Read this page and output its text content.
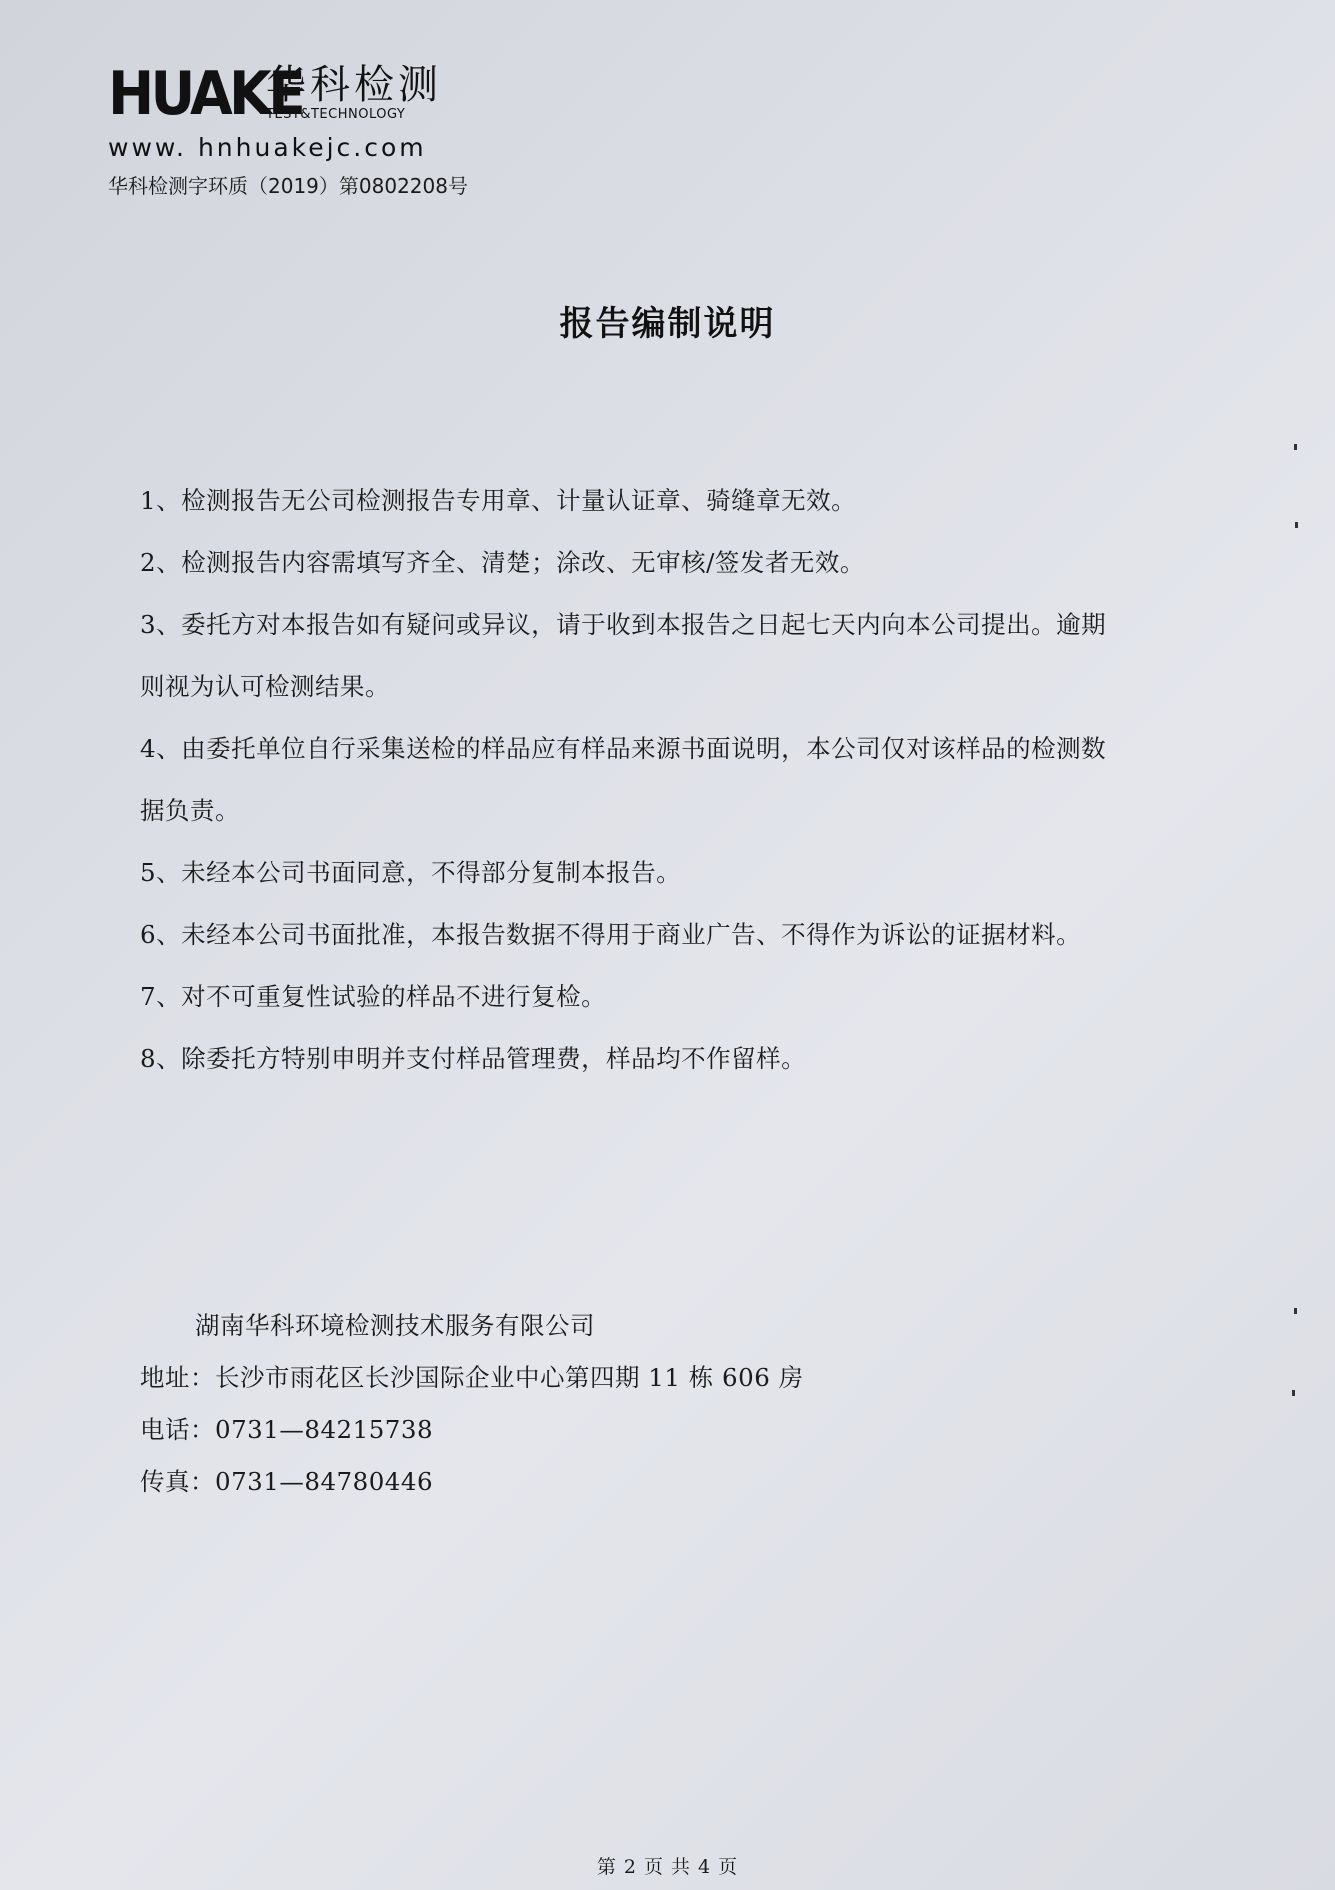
HUAKE
华科检测
TEST&TECHNOLOGY
www. hnhuakejc.com
华科检测字环质（2019）第0802208号
报告编制说明
1、检测报告无公司检测报告专用章、计量认证章、骑缝章无效。
2、检测报告内容需填写齐全、清楚；涂改、无审核/签发者无效。
3、委托方对本报告如有疑问或异议，请于收到本报告之日起七天内向本公司提出。逾期
则视为认可检测结果。
4、由委托单位自行采集送检的样品应有样品来源书面说明，本公司仅对该样品的检测数
据负责。
5、未经本公司书面同意，不得部分复制本报告。
6、未经本公司书面批准，本报告数据不得用于商业广告、不得作为诉讼的证据材料。
7、对不可重复性试验的样品不进行复检。
8、除委托方特别申明并支付样品管理费，样品均不作留样。
湖南华科环境检测技术服务有限公司
地址：长沙市雨花区长沙国际企业中心第四期 11 栋 606 房
电话：0731—84215738
传真：0731—84780446
第 2 页 共 4 页
